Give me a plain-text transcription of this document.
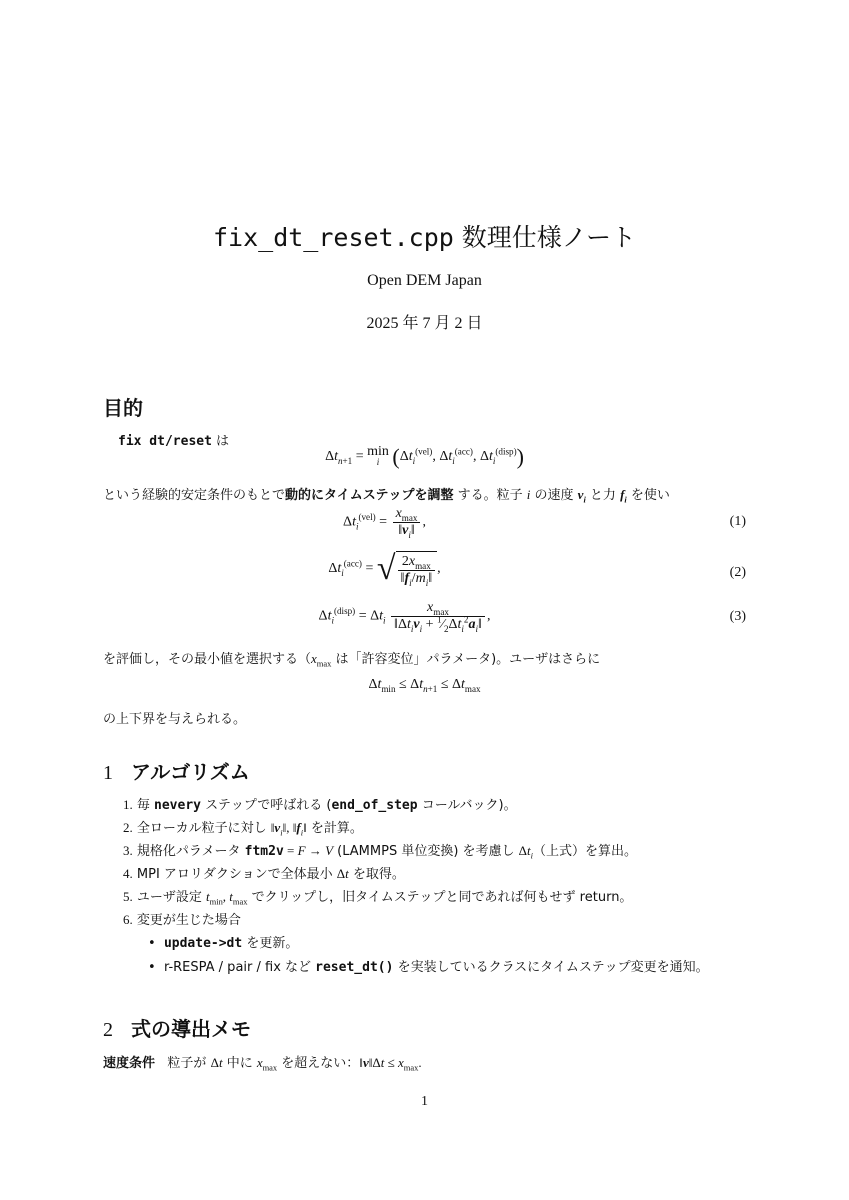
fix_dt_reset.cpp 数理仕様ノート
Open DEM Japan
2025 年 7 月 2 日
目的
fix dt/reset は
$\Delta t_{n+1} = \min$
$^i$ ($\Delta t_i^{(vel)}$, $\Delta t_i^{(acc)}$, $\Delta t_i^{(disp)}$)
という経験的安定条件のもとで動的にタイムステップを調整 する。粒子 i の速度 $v_i$ と力 $f_i$ を使い
$\Delta t_i^{(vel)} = \frac{x_{max}}{‖v_i‖}$ ,	(1)
$\Delta t_i^{(acc)}$ = √ $\frac{2x_{max}}{‖f_i/m_i‖}$ ,	(2)
$\Delta t_i^{(disp)} = \Delta t_i \frac{x_{max}}{‖\Delta t_iv_i + ^1⁄_2\Delta t_i^2a_i‖}$ ,	(3)
を評価し，その最小値を選択する（$x_{max}$ は「許容変位」パラメータ)。ユーザはさらに
$\Delta t_{min} \le \Delta t_{n+1} \le \Delta t_{max}$
の上下界を与えられる。
1 アルゴリズム
1. 毎 nevery ステップで呼ばれる (end_of_step コールバック)。
2. 全ローカル粒子に対し $‖v_i‖$, $‖f_i‖$ を計算。
3. 規格化パラメータ ftm2v = F → V (LAMMPS 単位変換) を考慮し $\Delta t_i$（上式）を算出。
4. MPI アロリダクションで全体最小 Δt を取得。
5. ユーザ設定 $t_{min}$, $t_{max}$ でクリップし，旧タイムステップと同であれば何もせず return。
6. 変更が生じた場合
• update->dt を更新。
• r-RESPA / pair / fix など reset_dt() を実装しているクラスにタイムステップ変更を通知。
2 式の導出メモ
速度条件 粒子が Δt 中に $x_{max}$ を超えない：‖v‖Δt ≤ $x_{max}$.
1
